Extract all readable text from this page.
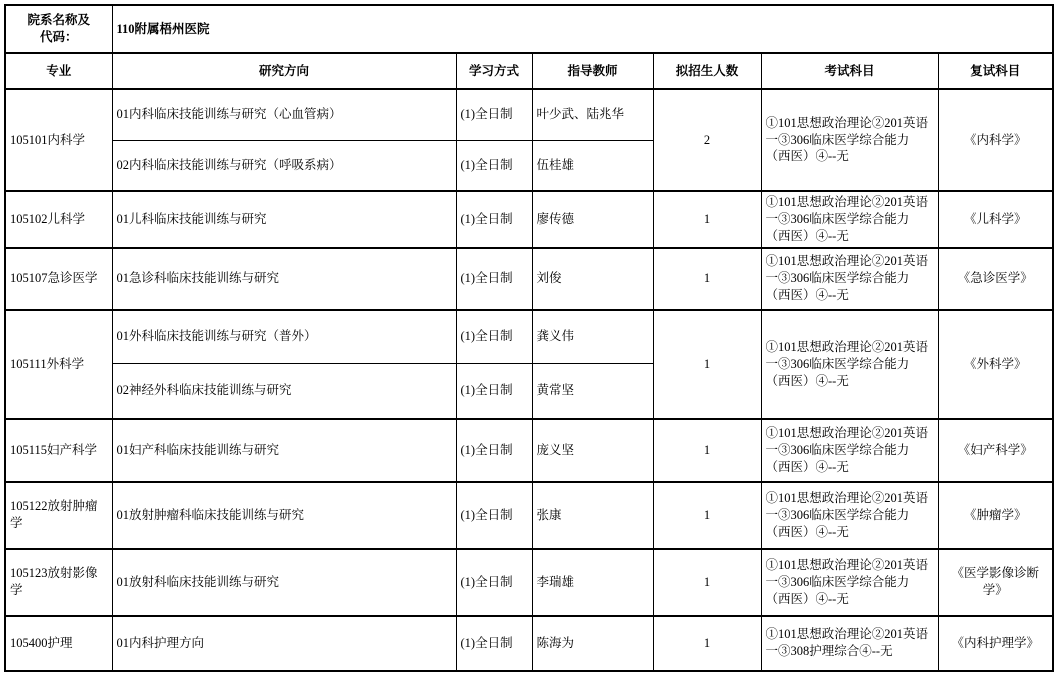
院系名称及
代码：	110附属梧州医院					
专业	研究方向	学习方式	指导教师	拟招生人数	考试科目	复试科目
105101内科学	01内科临床技能训练与研究（心血管病）	(1)全日制	叶少武、陆兆华	2	①101思想政治理论②201英语一③306临床医学综合能力（西医）④--无	《内科学》
	02内科临床技能训练与研究（呼吸系病）	(1)全日制	伍桂雄			
105102儿科学	01儿科临床技能训练与研究	(1)全日制	廖传德	1	①101思想政治理论②201英语一③306临床医学综合能力（西医）④--无	《儿科学》
105107急诊医学	01急诊科临床技能训练与研究	(1)全日制	刘俊	1	①101思想政治理论②201英语一③306临床医学综合能力（西医）④--无	《急诊医学》
105111外科学	01外科临床技能训练与研究（普外）	(1)全日制	龚义伟	1	①101思想政治理论②201英语一③306临床医学综合能力（西医）④--无	《外科学》
	02神经外科临床技能训练与研究	(1)全日制	黄常坚			
105115妇产科学	01妇产科临床技能训练与研究	(1)全日制	庞义坚	1	①101思想政治理论②201英语一③306临床医学综合能力（西医）④--无	《妇产科学》
105122放射肿瘤学	01放射肿瘤科临床技能训练与研究	(1)全日制	张康	1	①101思想政治理论②201英语一③306临床医学综合能力（西医）④--无	《肿瘤学》
105123放射影像学	01放射科临床技能训练与研究	(1)全日制	李瑞雄	1	①101思想政治理论②201英语一③306临床医学综合能力（西医）④--无	《医学影像诊断学》
105400护理	01内科护理方向	(1)全日制	陈海为	1	①101思想政治理论②201英语一③308护理综合④--无	《内科护理学》
